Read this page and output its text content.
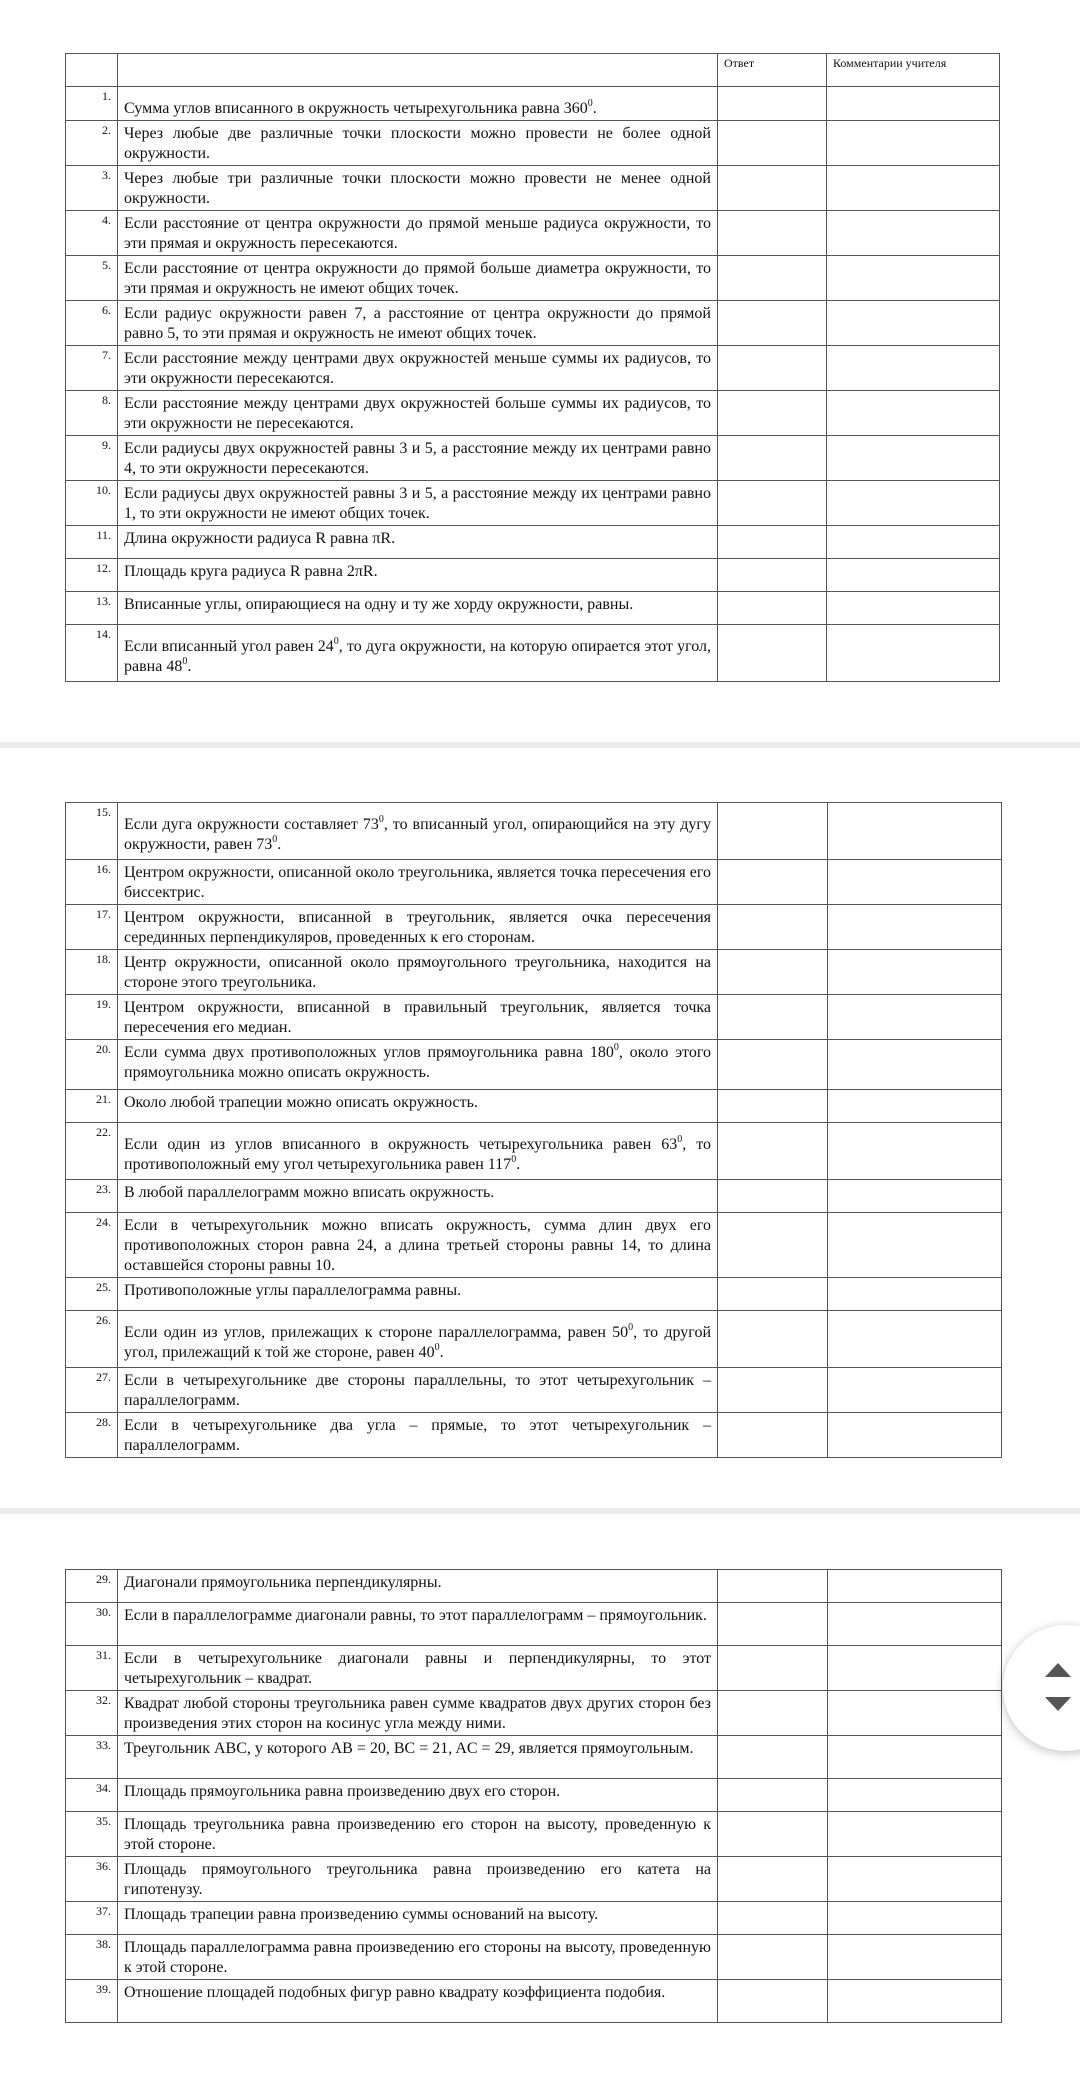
		Ответ	Комментарии учителя
1.	Сумма углов вписанного в окружность четырехугольника равна $360^0$.		
2.	Через любые две различные точки плоскости можно провести не более одной окружности.		
3.	Через любые три различные точки плоскости можно провести не менее одной окружности.		
4.	Если расстояние от центра окружности до прямой меньше радиуса окружности, то эти прямая и окружность пересекаются.		
5.	Если расстояние от центра окружности до прямой больше диаметра окружности, то эти прямая и окружность не имеют общих точек.		
6.	Если радиус окружности равен 7, а расстояние от центра окружности до прямой равно 5, то эти прямая и окружность не имеют общих точек.		
7.	Если расстояние между центрами двух окружностей меньше суммы их радиусов, то эти окружности пересекаются.		
8.	Если расстояние между центрами двух окружностей больше суммы их радиусов, то эти окружности не пересекаются.		
9.	Если радиусы двух окружностей равны 3 и 5, а расстояние между их центрами равно 4, то эти окружности пересекаются.		
10.	Если радиусы двух окружностей равны 3 и 5, а расстояние между их центрами равно 1, то эти окружности не имеют общих точек.		
11.	Длина окружности радиуса R равна πR.		
12.	Площадь круга радиуса R равна 2πR.		
13.	Вписанные углы, опирающиеся на одну и ту же хорду окружности, равны.		
14.	Если вписанный угол равен $24^0$, то дуга окружности, на которую опирается этот угол, равна $48^0$.		
15.	Если дуга окружности составляет $73^0$, то вписанный угол, опирающийся на эту дугу окружности, равен $73^0$.		
16.	Центром окружности, описанной около треугольника, является точка пересечения его биссектрис.		
17.	Центром окружности, вписанной в треугольник, является очка пересечения серединных перпендикуляров, проведенных к его сторонам.		
18.	Центр окружности, описанной около прямоугольного треугольника, находится на стороне этого треугольника.		
19.	Центром окружности, вписанной в правильный треугольник, является точка пересечения его медиан.		
20.	Если сумма двух противоположных углов прямоугольника равна $180^0$, около этого прямоугольника можно описать окружность.		
21.	Около любой трапеции можно описать окружность.		
22.	Если один из углов вписанного в окружность четырехугольника равен $63^0$, то противоположный ему угол четырехугольника равен $117^0$.		
23.	В любой параллелограмм можно вписать окружность.		
24.	Если в четырехугольник можно вписать окружность, сумма длин двух его противоположных сторон равна 24, а длина третьей стороны равны 14, то длина оставшейся стороны равны 10.		
25.	Противоположные углы параллелограмма равны.		
26.	Если один из углов, прилежащих к стороне параллелограмма, равен $50^0$, то другой угол, прилежащий к той же стороне, равен $40^0$.		
27.	Если в четырехугольнике две стороны параллельны, то этот четырехугольник – параллелограмм.		
28.	Если в четырехугольнике два угла – прямые, то этот четырехугольник – параллелограмм.		
29.	Диагонали прямоугольника перпендикулярны.		
30.	Если в параллелограмме диагонали равны, то этот параллелограмм – прямоугольник.		
31.	Если в четырехугольнике диагонали равны и перпендикулярны, то этот четырехугольник – квадрат.		
32.	Квадрат любой стороны треугольника равен сумме квадратов двух других сторон без произведения этих сторон на косинус угла между ними.		
33.	Треугольник ABC, у которого AB = 20, BC = 21, AC = 29, является прямоугольным.		
34.	Площадь прямоугольника равна произведению двух его сторон.		
35.	Площадь треугольника равна произведению его сторон на высоту, проведенную к этой стороне.		
36.	Площадь прямоугольного треугольника равна произведению его катета на гипотенузу.		
37.	Площадь трапеции равна произведению суммы оснований на высоту.		
38.	Площадь параллелограмма равна произведению его стороны на высоту, проведенную к этой стороне.		
39.	Отношение площадей подобных фигур равно квадрату коэффициента подобия.		
